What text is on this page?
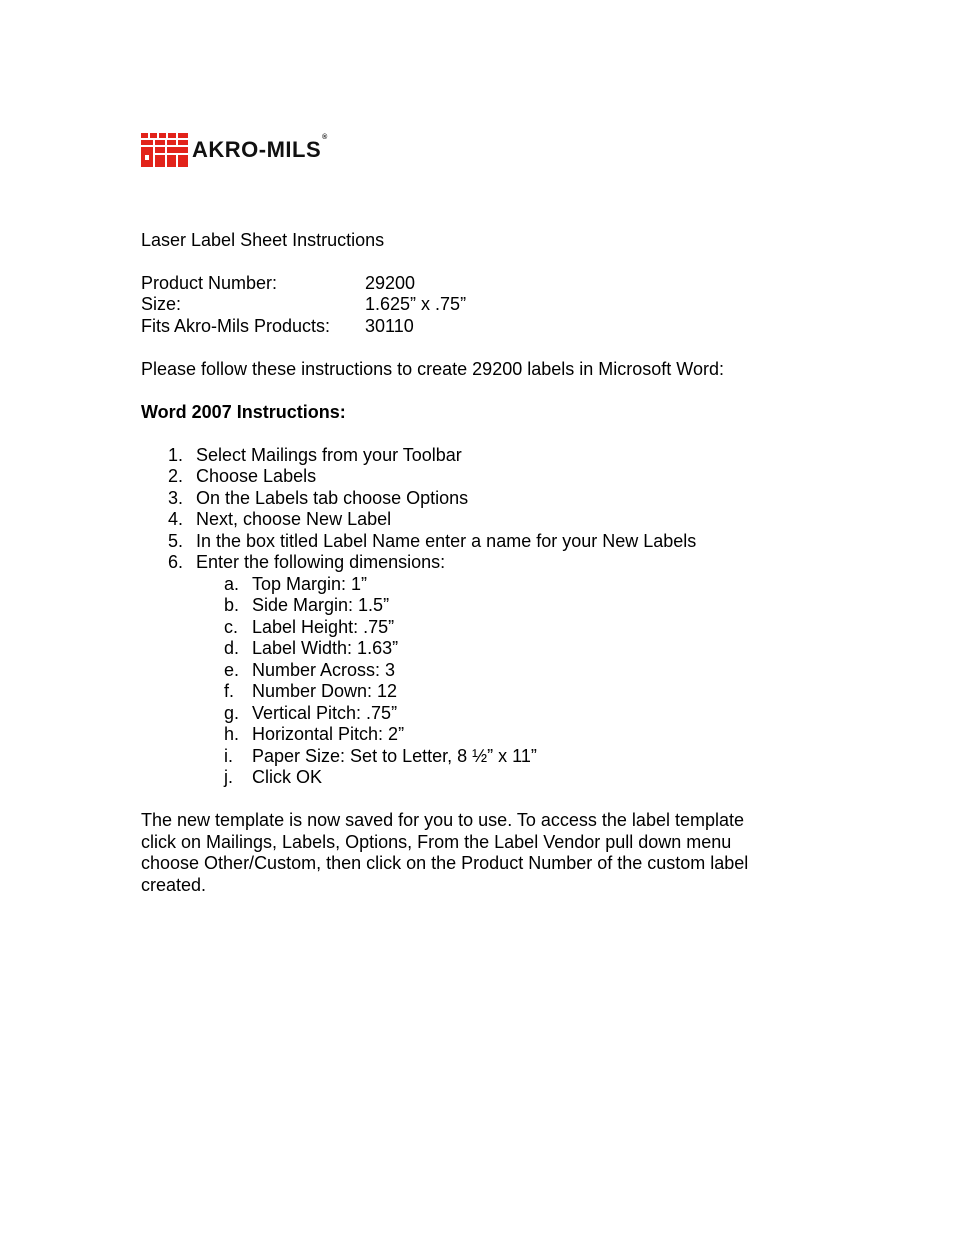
AKRO-MILS®
Laser Label Sheet Instructions
Product Number:	29200
Size:	1.625” x .75”
Fits Akro-Mils Products: 30110
Please follow these instructions to create 29200 labels in Microsoft Word:
Word 2007 Instructions:
1. Select Mailings from your Toolbar
2. Choose Labels
3. On the Labels tab choose Options
4. Next, choose New Label
5. In the box titled Label Name enter a name for your New Labels
6. Enter the following dimensions:
a. Top Margin: 1”
b. Side Margin: 1.5”
c. Label Height: .75”
d. Label Width: 1.63”
e. Number Across: 3
f. Number Down: 12
g. Vertical Pitch: .75”
h. Horizontal Pitch: 2”
i. Paper Size: Set to Letter, 8 ½” x 11”
j. Click OK
The new template is now saved for you to use. To access the label template
click on Mailings, Labels, Options, From the Label Vendor pull down menu
choose Other/Custom, then click on the Product Number of the custom label
created.
